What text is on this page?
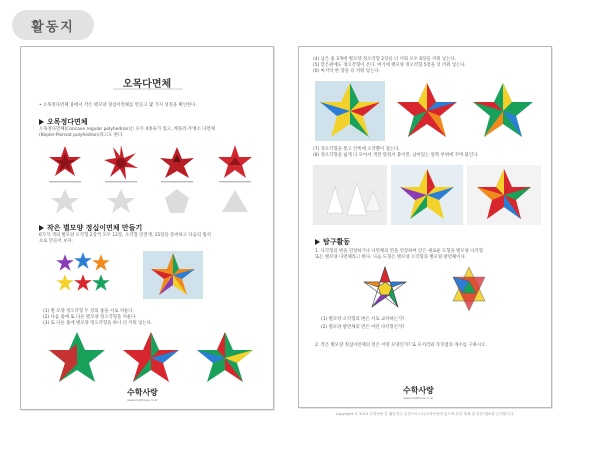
활동지
오목다면체
• 오목정다면체 중에서 작은 별모양 정십이면체를 만들고 몇 가지 성질을 확인한다.
오목정다면체
오목정다면체(Concave regular polyhedron)는 모두 4종류가 있고, 케플러-푸앵소 다면체
(Kepler-Poinsot polyhedron)라고도 한다.
작은 별모양 정십이면체 만들기
6가지 색의 별모양 오각형 2장씩 모두 12장, 오각형 연결재, 15장을 준비하고 다음의 법칙
으로 만들어 보자.
(1) 별 모양 정오각형 두 장의 홈을 서로 끼운다.
(2) 다음 홈에 또 다른 별모양 정오각형을 끼운다.
(3) 또 다른 홈에 별모양 정오각형을 하나 더 끼워 넣는다.
수학사랑
www.mathlove.co.kr
(4) 남은 홈 3개에 별모양 정오각형 2장을 더 끼워 모두 6장을 끼워 넣는다.
(5) 맞은편에도 정오각형이 온다. 여기에 별모양 정오각형 5장을 더 끼워 넣는다.
(6) 마지막 한 장을 더 끼워 넣는다.
(7) 정오각형을 찢고 안쪽에 오각뿔이 접는다.
(8) 정오각형을 넓게 다 모아서 색깔 맞춰서 붙이면, 남아있는 앞쪽 부위에 꾸며 붙인다.
탐구활동
1. 다각형의 변을 연장하거나 다면체의 면을 연장하여 얻은 새로운 도형을 별모양 다각형
또는 별모양 다면체라고 한다. 다음 도형은 별모양 오각형과 별모양 팔면체이다.
(1) 별모양 오각형의 변은 서로 교차하는가?
(2) 별모양 팔면체의 면은 어떤 다각형인가?
2. 작은 별모양 정십이면체의 면은 어떤 모양인가? 또 모서리와 꼭짓점의 개수를 구하시오.
수학사랑
www.mathlove.co.kr
Copyright © 2013 수학사랑 본 활동지는 무단으로 (주)수학사랑에 있으며 무단 복제 및 무단 배포를 금지합니다.
